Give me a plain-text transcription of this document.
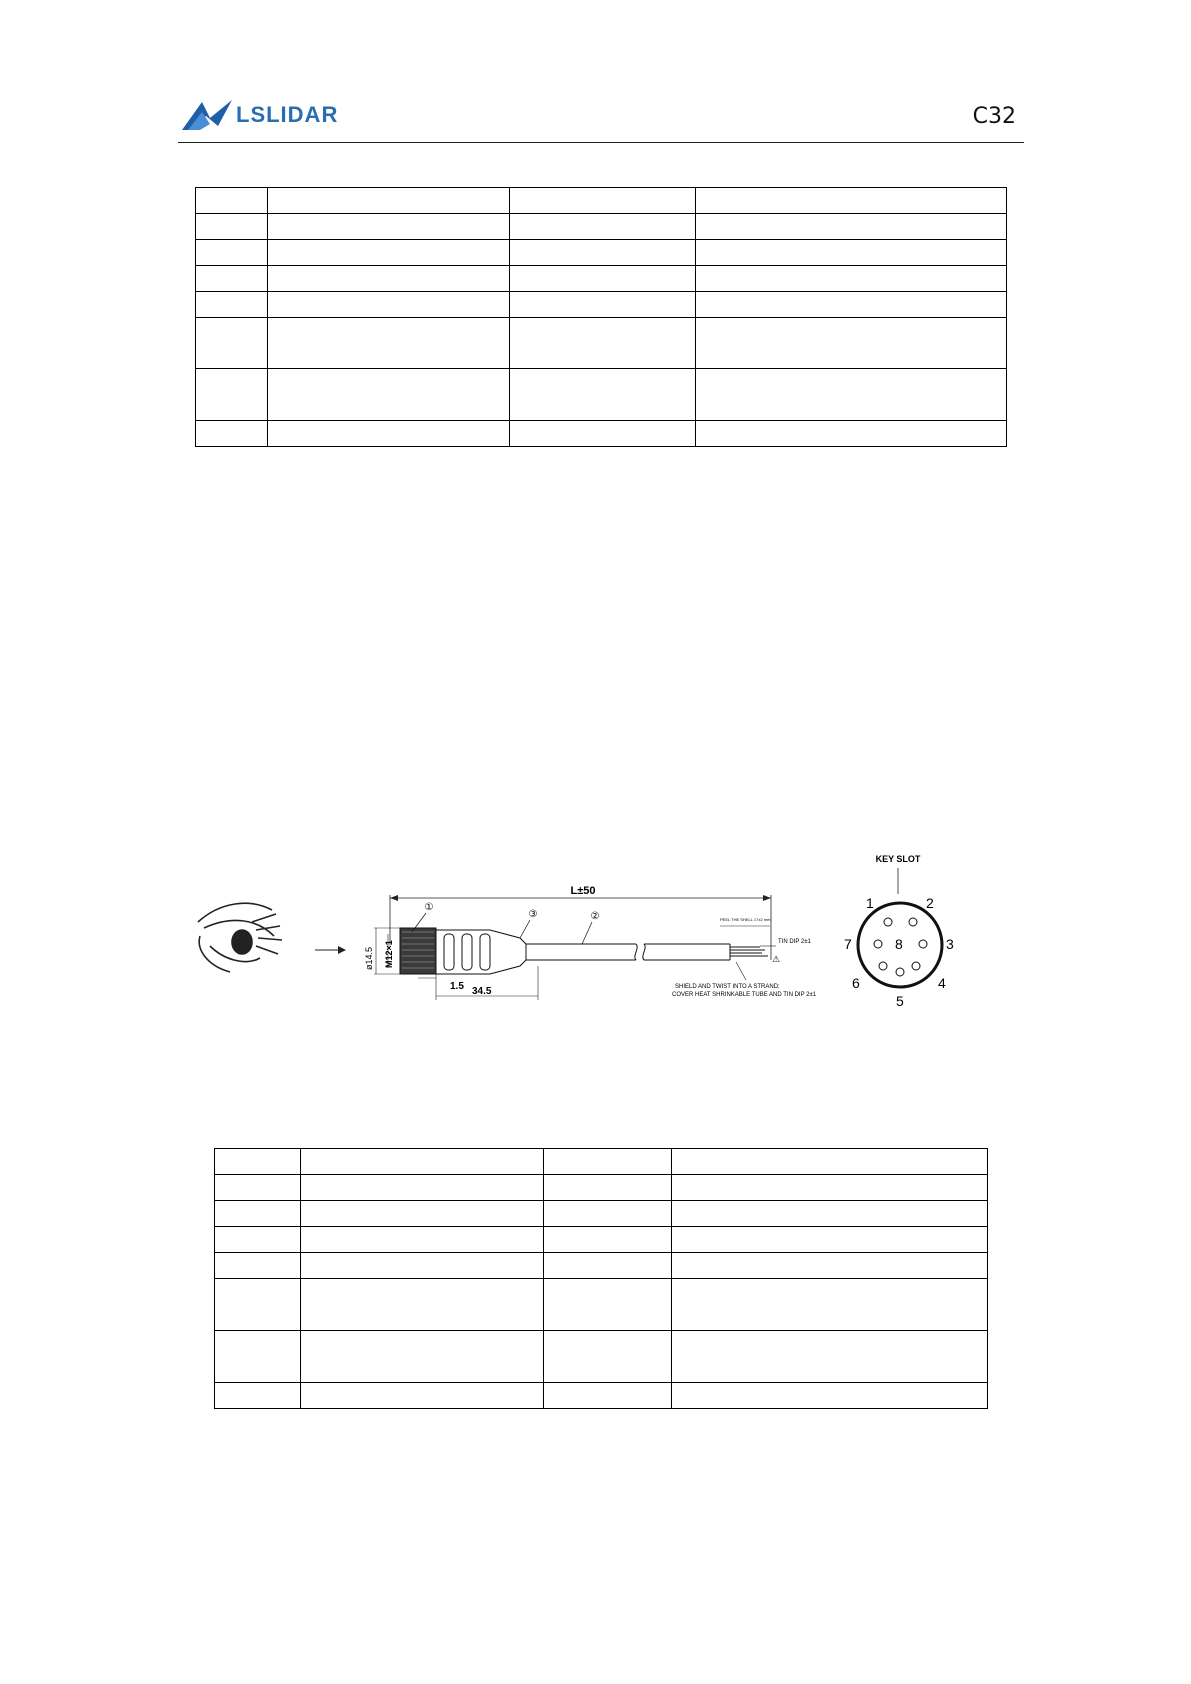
LSLIDAR	C32

L±50
①
③	②
ø14.5 M12×1
1.5 34.5
PEEL THE SHELL 17±2 mm
TIN DIP 2±1
⚠
SHIELD AND TWIST INTO A STRAND;
COVER HEAT SHRINKABLE TUBE AND TIN DIP 2±1
KEY SLOT
1	2
3
4
5
6
7	8
